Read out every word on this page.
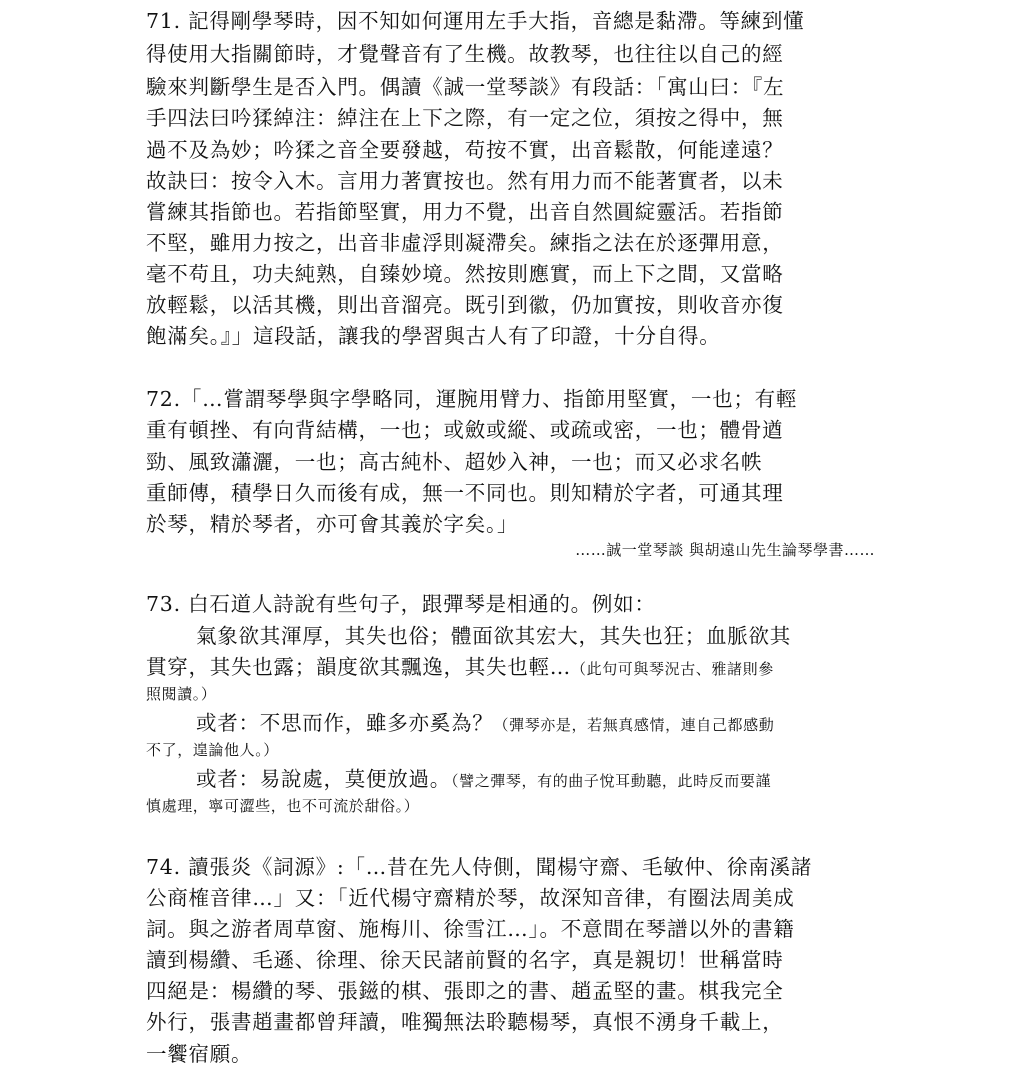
71. 記得剛學琴時，因不知如何運用左手大指，音總是黏滯。等練到懂
得使用大指關節時，才覺聲音有了生機。故教琴，也往往以自己的經
驗來判斷學生是否入門。偶讀《誠一堂琴談》有段話：「寓山曰：『左
手四法曰吟猱綽注：綽注在上下之際，有一定之位，須按之得中，無
過不及為妙；吟猱之音全要發越，苟按不實，出音鬆散，何能達遠？
故訣曰：按令入木。言用力著實按也。然有用力而不能著實者，以未
嘗練其指節也。若指節堅實，用力不覺，出音自然圓綻靈活。若指節
不堅，雖用力按之，出音非虛浮則凝滯矣。練指之法在於逐彈用意，
毫不苟且，功夫純熟，自臻妙境。然按則應實，而上下之間，又當略
放輕鬆，以活其機，則出音溜亮。既引到徽，仍加實按，則收音亦復
飽滿矣。』」這段話，讓我的學習與古人有了印證，十分自得。
72.「…嘗謂琴學與字學略同，運腕用臂力、指節用堅實，一也；有輕
重有頓挫、有向背結構，一也；或斂或縱、或疏或密，一也；體骨遒
勁、風致瀟灑，一也；高古純朴、超妙入神，一也；而又必求名帙
重師傳，積學日久而後有成，無一不同也。則知精於字者，可通其理
於琴，精於琴者，亦可會其義於字矣。」
……誠一堂琴談 與胡遠山先生論琴學書……
73. 白石道人詩說有些句子，跟彈琴是相通的。例如：
氣象欲其渾厚，其失也俗；體面欲其宏大，其失也狂；血脈欲其
貫穿，其失也露；韻度欲其飄逸，其失也輕…（此句可與琴況古、雅諸則參
照閱讀。）
或者：不思而作，雖多亦奚為？（彈琴亦是，若無真感情，連自己都感動
不了，遑論他人。）
或者：易說處，莫便放過。（譬之彈琴，有的曲子悅耳動聽，此時反而要謹
慎處理，寧可澀些，也不可流於甜俗。）
74. 讀張炎《詞源》:「…昔在先人侍側，聞楊守齋、毛敏仲、徐南溪諸
公商榷音律…」又：「近代楊守齋精於琴，故深知音律，有圈法周美成
詞。與之游者周草窗、施梅川、徐雪江…」。不意間在琴譜以外的書籍
讀到楊纘、毛遜、徐理、徐天民諸前賢的名字，真是親切！世稱當時
四絕是：楊纘的琴、張鎡的棋、張即之的書、趙孟堅的畫。棋我完全
外行，張書趙畫都曾拜讀，唯獨無法聆聽楊琴，真恨不湧身千載上，
一饗宿願。
